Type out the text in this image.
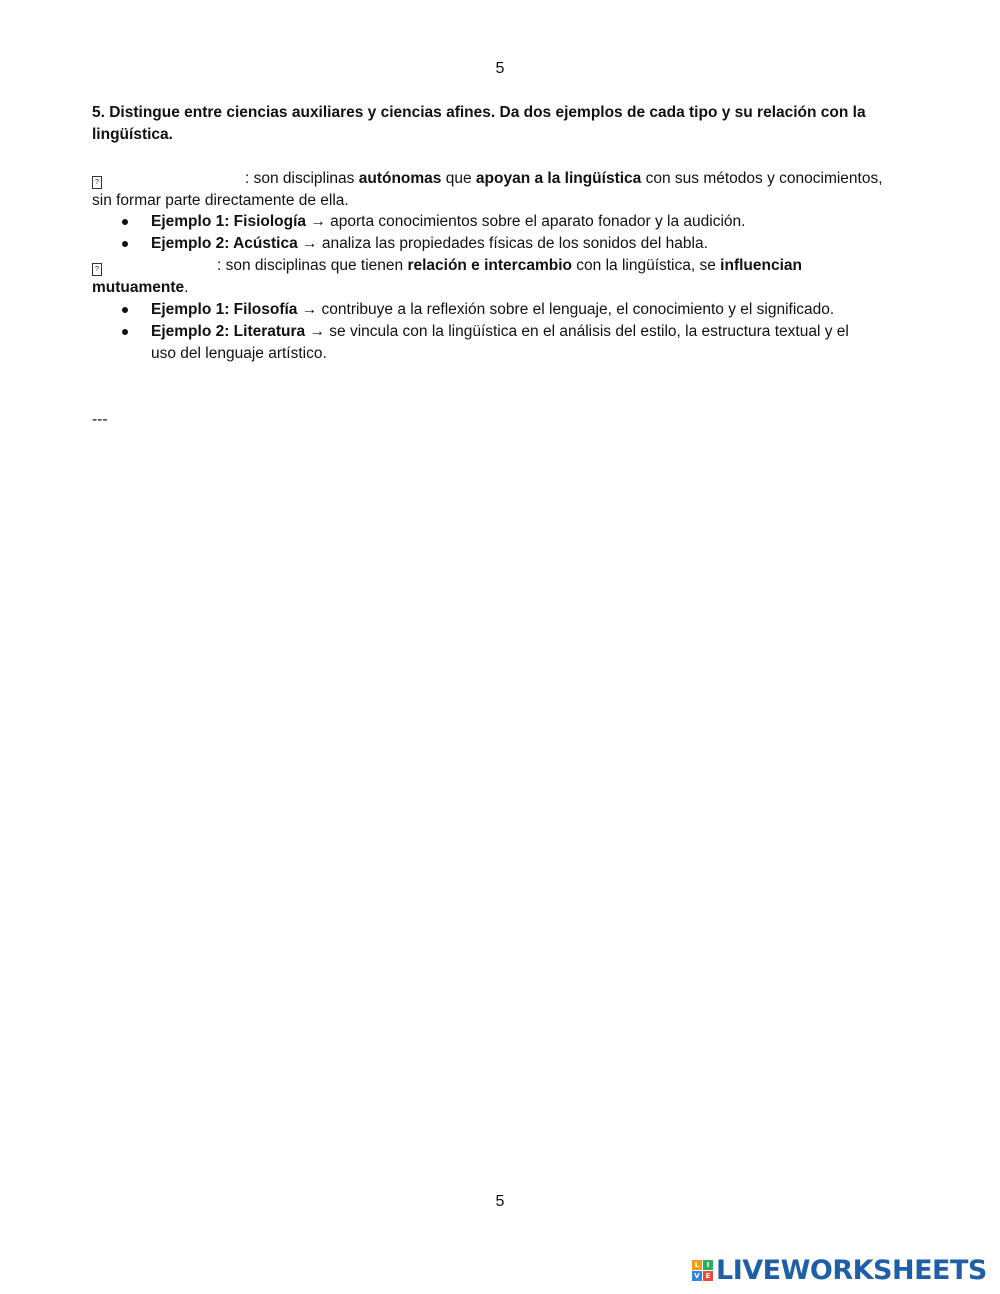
5
5. Distingue entre ciencias auxiliares y ciencias afines. Da dos ejemplos de cada tipo y su relación con la lingüística.
?	: son disciplinas autónomas que apoyan a la lingüística con sus métodos y conocimientos,
sin formar parte directamente de ella.
Ejemplo 1: Fisiología → aporta conocimientos sobre el aparato fonador y la audición.
Ejemplo 2: Acústica → analiza las propiedades físicas de los sonidos del habla.
?	: son disciplinas que tienen relación e intercambio con la lingüística, se influencian
mutuamente.
Ejemplo 1: Filosofía → contribuye a la reflexión sobre el lenguaje, el conocimiento y el significado.
Ejemplo 2: Literatura → se vincula con la lingüística en el análisis del estilo, la estructura textual y el
uso del lenguaje artístico.
---
5
L	I
V E LIVEWORKSHEETS
